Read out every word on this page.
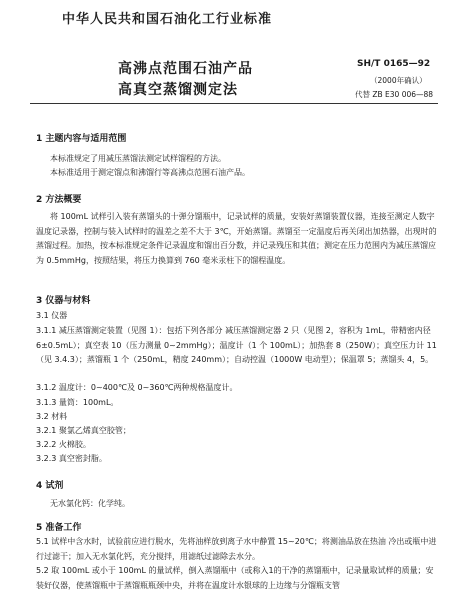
中华人民共和国石油化工行业标准
高沸点范围石油产品
高真空蒸馏测定法
SH/T 0165—92
（2000年确认）
代替 ZB E30 006—88
1 主题内容与适用范围
本标准规定了用减压蒸馏法测定试样馏程的方法。
本标准适用于测定馏点和沸馏行等高沸点范围石油产品。
2 方法概要
将 100mL 试样引入装有蒸馏头的十弹分馏瓶中，记录试样的质量，安装好蒸馏装置仪器，连接至测定人数字温度记录器，控制与装入试样时的温差之差不大于 3℃，开始蒸馏。蒸馏至一定温度后再关闭出加热器，出现时的蒸馏过程。加热，按本标准规定条件记录温度和馏出百分数，并记录残压和其值；测定在压力范围内为减压蒸馏应为 0.5mmHg，按照结果，将压力换算到 760 毫米汞柱下的馏程温度。
3 仪器与材料
3.1 仪器
3.1.1 减压蒸馏测定装置（见图 1）：包括下列各部分 减压蒸馏测定器 2 只（见图 2，容积为 1mL，带精密内径 6±0.5mL）；真空表 10（压力测量 0~2mmHg）；温度计（1 个 100mL）；加热套 8（250W）；真空压力计 11（见 3.4.3）；蒸馏瓶 1 个（250mL，精度 240mm）；自动控温（1000W 电动型）；保温罩 5；蒸馏头 4，5。
3.1.2 温度计：0~400℃及 0~360℃两种规格温度计。
3.1.3 量筒：100mL。
3.2 材料
3.2.1 聚氯乙烯真空胶管；
3.2.2 火棉胶。
3.2.3 真空密封脂。
4 试剂
无水氯化钙：化学纯。
5 准备工作
5.1 试样中含水时，试验前应进行脱水，先将油样放到离子水中静置 15~20℃；将测油品放在热油 冷出或瓶中进行过滤干；加入无水氯化钙，充分搅拌，用滤纸过滤除去水分。
5.2 取 100mL 或小于 100mL 的量试样，倒入蒸馏瓶中（或称入1的干净的蒸馏瓶中，记录量取试样的质量；安装好仪器，使蒸馏瓶中于蒸馏瓶瓶颈中央，并将在温度计水银球的上边缘与分馏瓶支管
